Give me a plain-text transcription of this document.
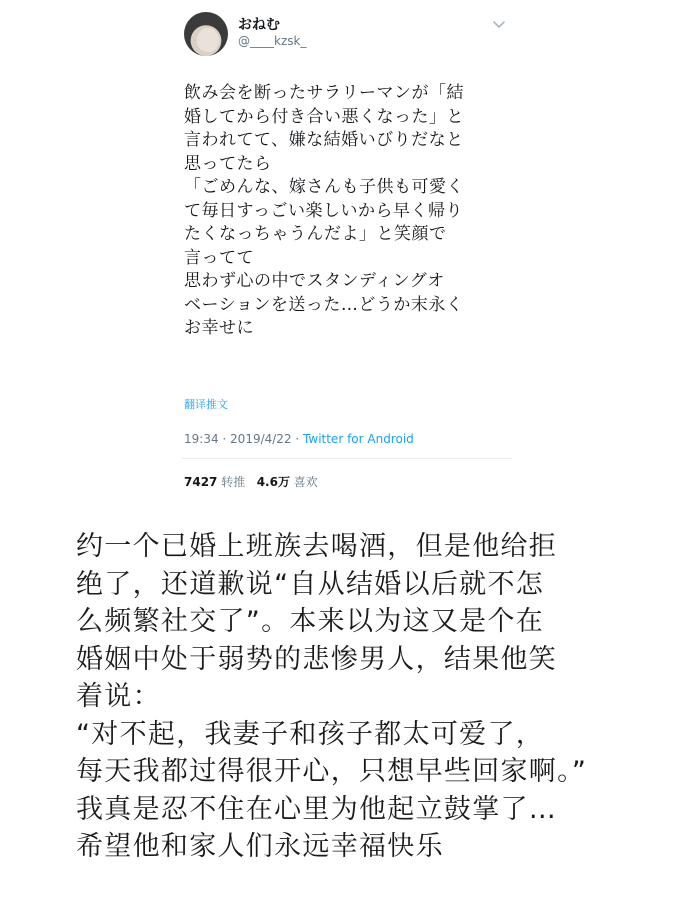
おねむ
@____kzsk_
飲み会を断ったサラリーマンが「結
婚してから付き合い悪くなった」と
言われてて、嫌な結婚いびりだなと
思ってたら
「ごめんな、嫁さんも子供も可愛く
て毎日すっごい楽しいから早く帰り
たくなっちゃうんだよ」と笑顔で
言ってて
思わず心の中でスタンディングオ
ベーションを送った…どうか末永く
お幸せに
翻译推文
19:34 · 2019/4/22 · Twitter for Android
7427 转推 4.6万 喜欢
约一个已婚上班族去喝酒，但是他给拒
绝了，还道歉说“自从结婚以后就不怎
么频繁社交了”。本来以为这又是个在
婚姻中处于弱势的悲惨男人，结果他笑
着说：
“对不起，我妻子和孩子都太可爱了，
每天我都过得很开心，只想早些回家啊。”
我真是忍不住在心里为他起立鼓掌了…
希望他和家人们永远幸福快乐
